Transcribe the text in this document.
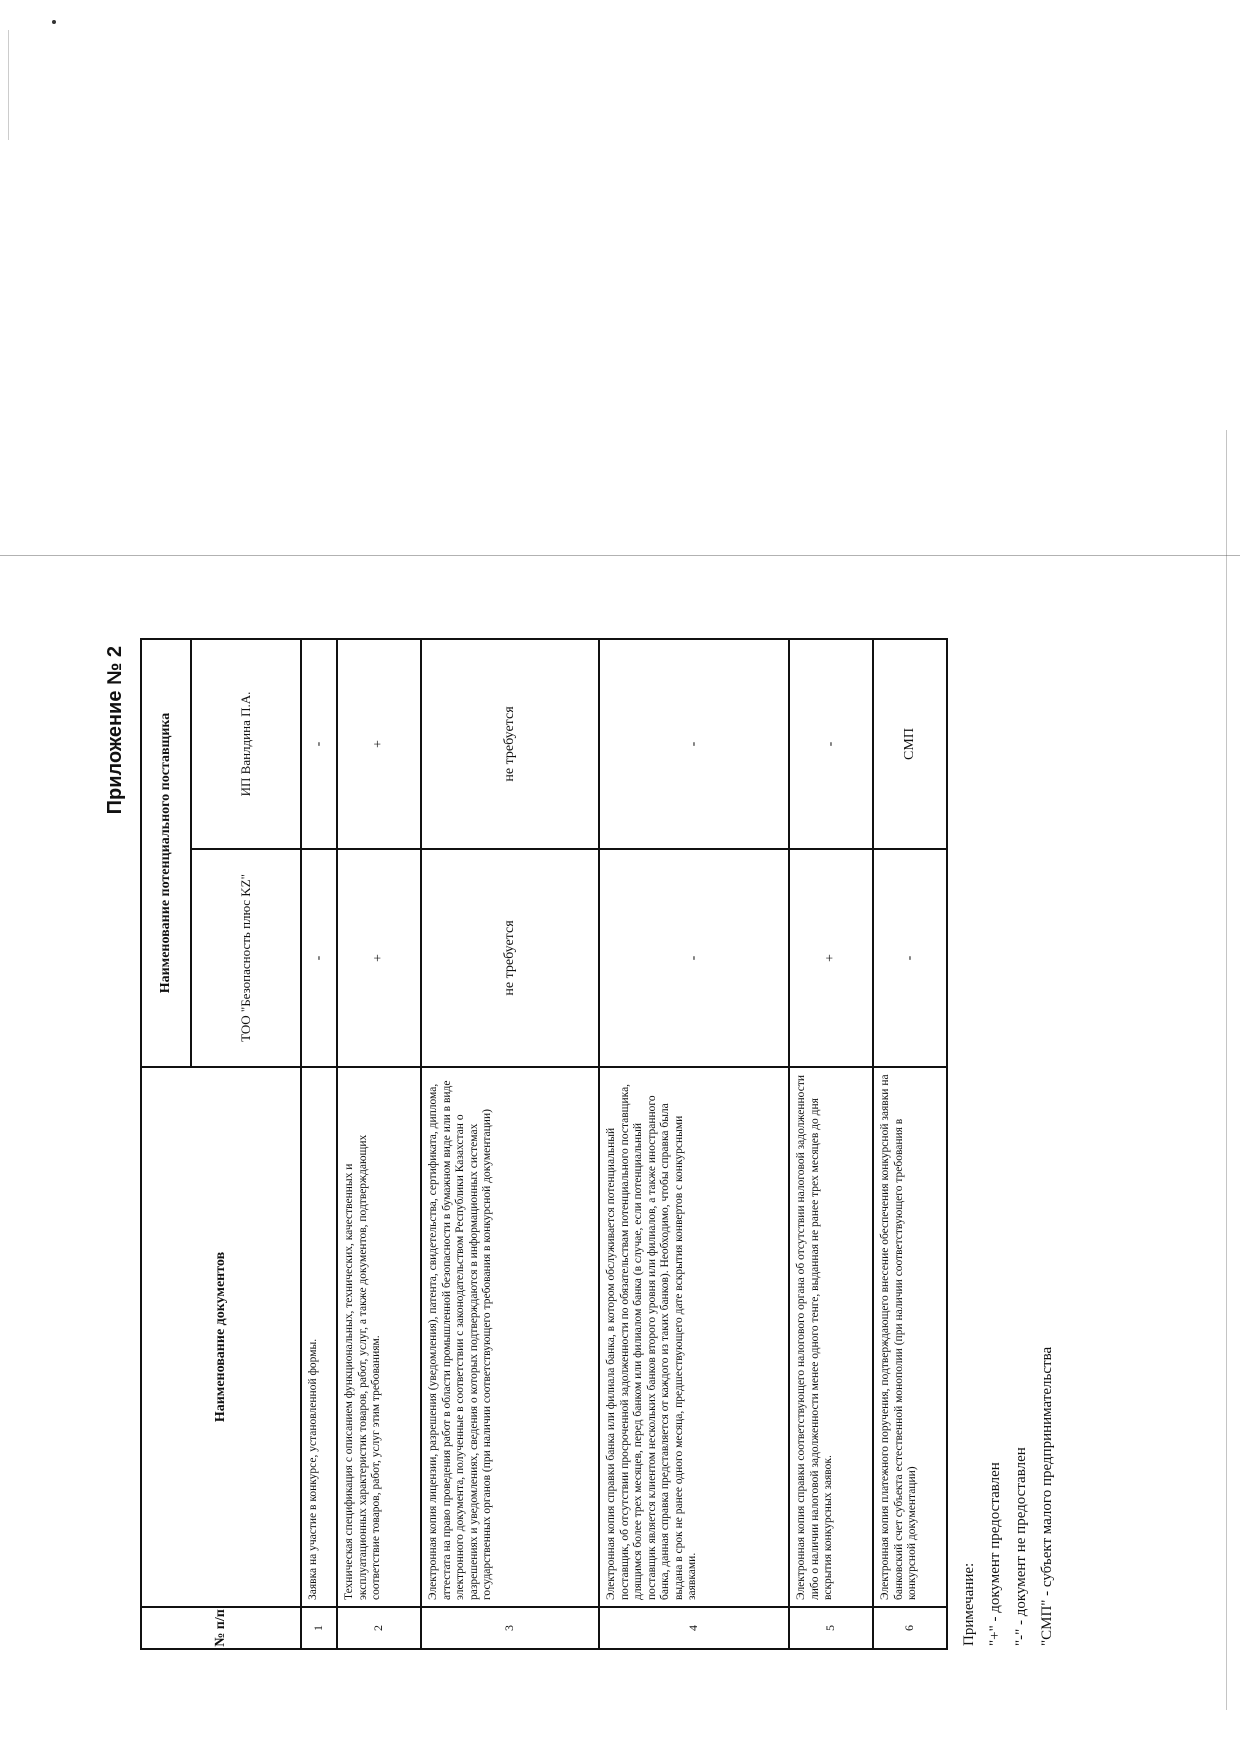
Приложение № 2
№ п/п	Наименование документов	Наименование потенциального поставщика	
		ТОО "Безопасность плюс KZ"	ИП Ванлдина П.А.
1	Заявка на участие в конкурсе, установленной формы.	-	-
2	Техническая спецификация с описанием функциональных, технических, качественных и эксплуатационных характеристик товаров, работ, услуг, а также документов, подтверждающих соответствие товаров, работ, услуг этим требованиям.	+	+
3	Электронная копия лицензии, разрешения (уведомления), патента, свидетельства, сертификата, диплома, аттестата на право проведения работ в области промышленной безопасности в бумажном виде или в виде электронного документа, полученные в соответствии с законодательством Республики Казахстан о разрешениях и уведомлениях, сведения о которых подтверждаются в информационных системах государственных органов (при наличии соответствующего требования в конкурсной документации)	не требуется	не требуется
4	Электронная копия справки банка или филиала банка, в котором обслуживается потенциальный поставщик, об отсутствии просроченной задолженности по обязательствам потенциального поставщика, длящимся более трех месяцев, перед банком или филиалом банка (в случае, если потенциальный поставщик является клиентом нескольких банков второго уровня или филиалов, а также иностранного банка, данная справка представляется от каждого из таких банков). Необходимо, чтобы справка была выдана в срок не ранее одного месяца, предшествующего дате вскрытия конвертов с конкурсными заявками.	-	-
5	Электронная копия справки соответствующего налогового органа об отсутствии налоговой задолженности либо о наличии налоговой задолженности менее одного тенге, выданная не ранее трех месяцев до дня вскрытия конкурсных заявок.	+	-
6	Электронная копия платежного поручения, подтверждающего внесение обеспечения конкурсной заявки на банковский счет субъекта естественной монополии (при наличии соответствующего требования в конкурсной документации)	-	СМП
Примечание: "+" - документ предоставлен "-" - документ не предоставлен "СМП" - субъект малого предпринимательства
